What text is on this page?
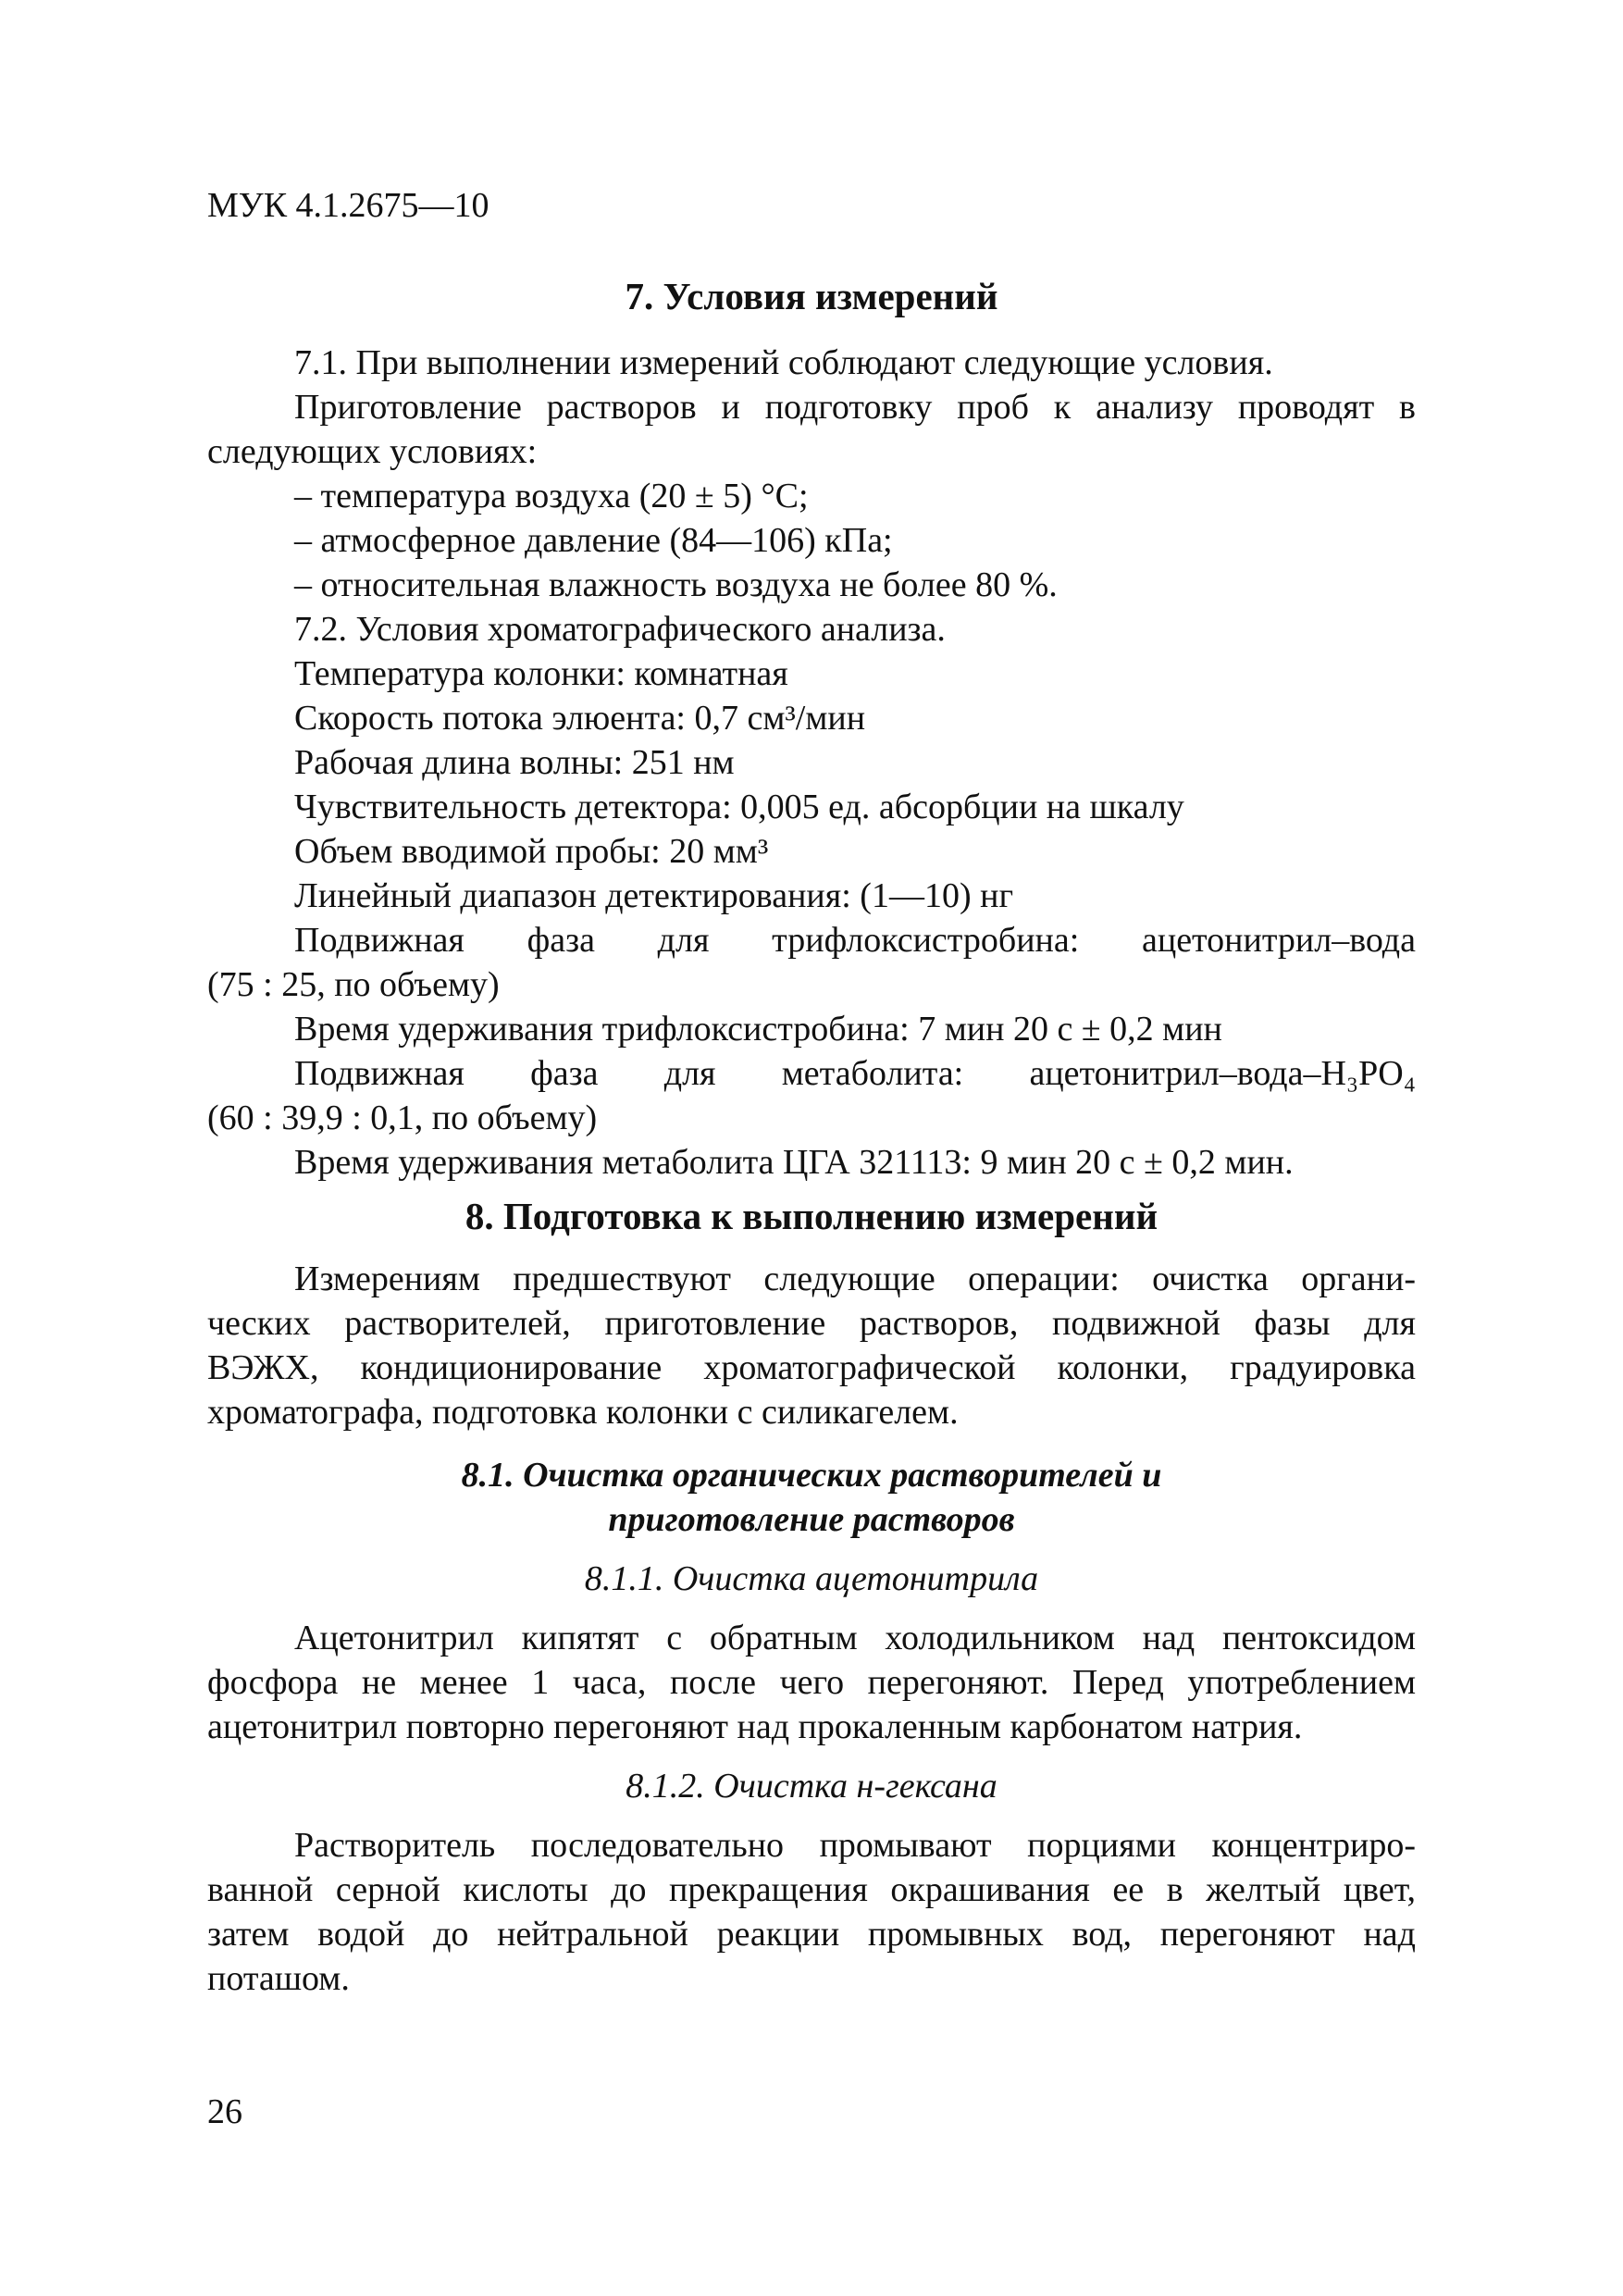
МУК 4.1.2675—10
7. Условия измерений
7.1. При выполнении измерений соблюдают следующие условия.
Приготовление растворов и подготовку проб к анализу проводят в
следующих условиях:
– температура воздуха (20 ± 5) °С;
– атмосферное давление (84—106) кПа;
– относительная влажность воздуха не более 80 %.
7.2. Условия хроматографического анализа.
Температура колонки: комнатная
Скорость потока элюента: 0,7 см³/мин
Рабочая длина волны: 251 нм
Чувствительность детектора: 0,005 ед. абсорбции на шкалу
Объем вводимой пробы: 20 мм³
Линейный диапазон детектирования: (1—10) нг
Подвижная фаза для трифлоксистробина: ацетонитрил–вода
(75 : 25, по объему)
Время удерживания трифлоксистробина: 7 мин 20 с ± 0,2 мин
Подвижная фаза для метаболита: ацетонитрил–вода–H₃PO₄
(60 : 39,9 : 0,1, по объему)
Время удерживания метаболита ЦГА 321113: 9 мин 20 с ± 0,2 мин.
8. Подготовка к выполнению измерений
Измерениям предшествуют следующие операции: очистка органи-
ческих растворителей, приготовление растворов, подвижной фазы для
ВЭЖХ, кондиционирование хроматографической колонки, градуировка
хроматографа, подготовка колонки с силикагелем.
8.1. Очистка органических растворителей и
приготовление растворов
8.1.1. Очистка ацетонитрила
Ацетонитрил кипятят с обратным холодильником над пентоксидом
фосфора не менее 1 часа, после чего перегоняют. Перед употреблением
ацетонитрил повторно перегоняют над прокаленным карбонатом натрия.
8.1.2. Очистка н-гексана
Растворитель последовательно промывают порциями концентриро-
ванной серной кислоты до прекращения окрашивания ее в желтый цвет,
затем водой до нейтральной реакции промывных вод, перегоняют над
поташом.
26
